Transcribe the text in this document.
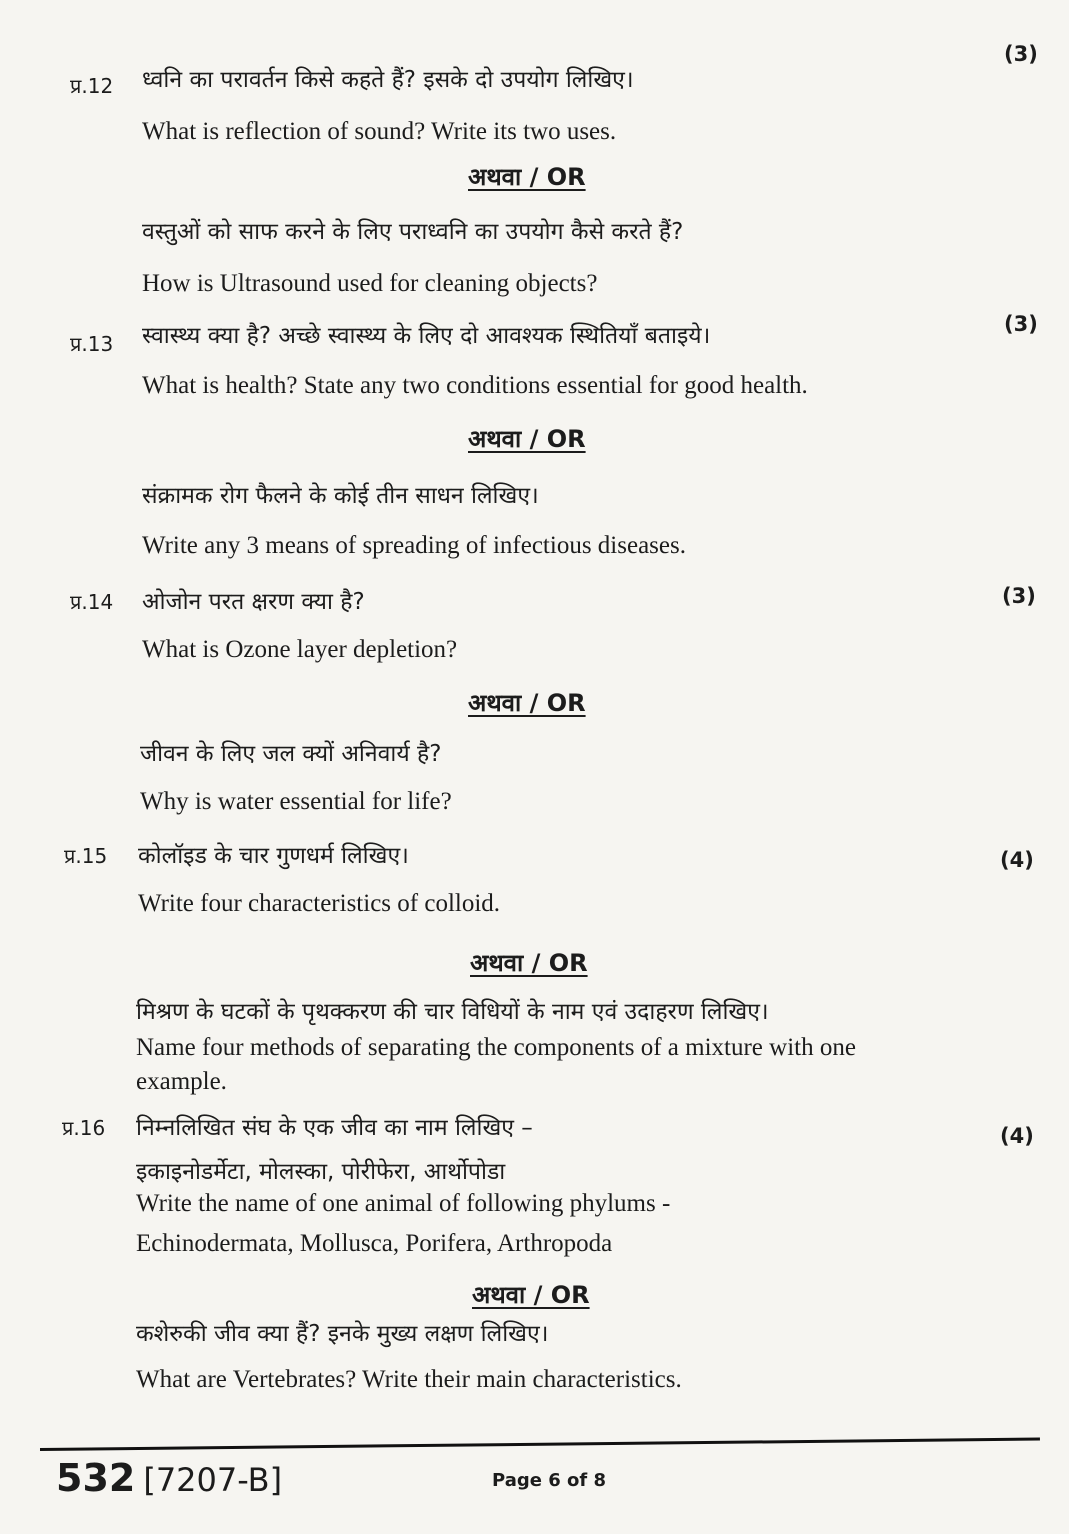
प्र.12 ध्वनि का परावर्तन किसे कहते हैं? इसके दो उपयोग लिखिए।
(3)
What is reflection of sound? Write its two uses.
अथवा / OR
वस्तुओं को साफ करने के लिए पराध्वनि का उपयोग कैसे करते हैं?
How is Ultrasound used for cleaning objects?
प्र.13 स्वास्थ्य क्या है? अच्छे स्वास्थ्य के लिए दो आवश्यक स्थितियाँ बताइये।	(3)
What is health? State any two conditions essential for good health.
अथवा / OR
संक्रामक रोग फैलने के कोई तीन साधन लिखिए।
Write any 3 means of spreading of infectious diseases.
प्र.14 ओजोन परत क्षरण क्या है?	(3)
What is Ozone layer depletion?
अथवा / OR
जीवन के लिए जल क्यों अनिवार्य है?
Why is water essential for life?
प्र.15 कोलॉइड के चार गुणधर्म लिखिए।	(4)
Write four characteristics of colloid.
अथवा / OR
मिश्रण के घटकों के पृथक्करण की चार विधियों के नाम एवं उदाहरण लिखिए।
Name four methods of separating the components of a mixture with one
example.
प्र.16 निम्नलिखित संघ के एक जीव का नाम लिखिए –	(4)
इकाइनोडर्मेटा, मोलस्का, पोरीफेरा, आर्थोपोडा
Write the name of one animal of following phylums -
Echinodermata, Mollusca, Porifera, Arthropoda
अथवा / OR
कशेरुकी जीव क्या हैं? इनके मुख्य लक्षण लिखिए।
What are Vertebrates? Write their main characteristics.
532 [7207-B]	Page 6 of 8
